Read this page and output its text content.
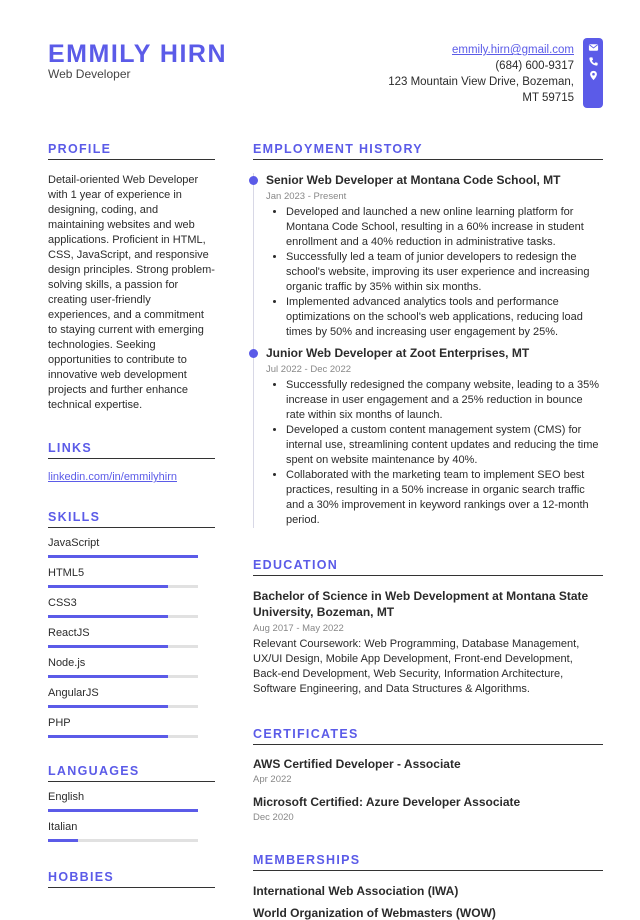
EMMILY HIRN
Web Developer
emmily.hirn@gmail.com
(684) 600-9317
123 Mountain View Drive, Bozeman, MT 59715
PROFILE
Detail-oriented Web Developer with 1 year of experience in designing, coding, and maintaining websites and web applications. Proficient in HTML, CSS, JavaScript, and responsive design principles. Strong problem-solving skills, a passion for creating user-friendly experiences, and a commitment to staying current with emerging technologies. Seeking opportunities to contribute to innovative web development projects and further enhance technical expertise.
LINKS
linkedin.com/in/emmilyhirn
SKILLS
JavaScript
HTML5
CSS3
ReactJS
Node.js
AngularJS
PHP
LANGUAGES
English
Italian
HOBBIES
EMPLOYMENT HISTORY
Senior Web Developer at Montana Code School, MT
Jan 2023 - Present
• Developed and launched a new online learning platform for Montana Code School, resulting in a 60% increase in student enrollment and a 40% reduction in administrative tasks.
• Successfully led a team of junior developers to redesign the school's website, improving its user experience and increasing organic traffic by 35% within six months.
• Implemented advanced analytics tools and performance optimizations on the school's web applications, reducing load times by 50% and increasing user engagement by 25%.
Junior Web Developer at Zoot Enterprises, MT
Jul 2022 - Dec 2022
• Successfully redesigned the company website, leading to a 35% increase in user engagement and a 25% reduction in bounce rate within six months of launch.
• Developed a custom content management system (CMS) for internal use, streamlining content updates and reducing the time spent on website maintenance by 40%.
• Collaborated with the marketing team to implement SEO best practices, resulting in a 50% increase in organic search traffic and a 30% improvement in keyword rankings over a 12-month period.
EDUCATION
Bachelor of Science in Web Development at Montana State University, Bozeman, MT
Aug 2017 - May 2022
Relevant Coursework: Web Programming, Database Management, UX/UI Design, Mobile App Development, Front-end Development, Back-end Development, Web Security, Information Architecture, Software Engineering, and Data Structures & Algorithms.
CERTIFICATES
AWS Certified Developer - Associate
Apr 2022
Microsoft Certified: Azure Developer Associate
Dec 2020
MEMBERSHIPS
International Web Association (IWA)
World Organization of Webmasters (WOW)
